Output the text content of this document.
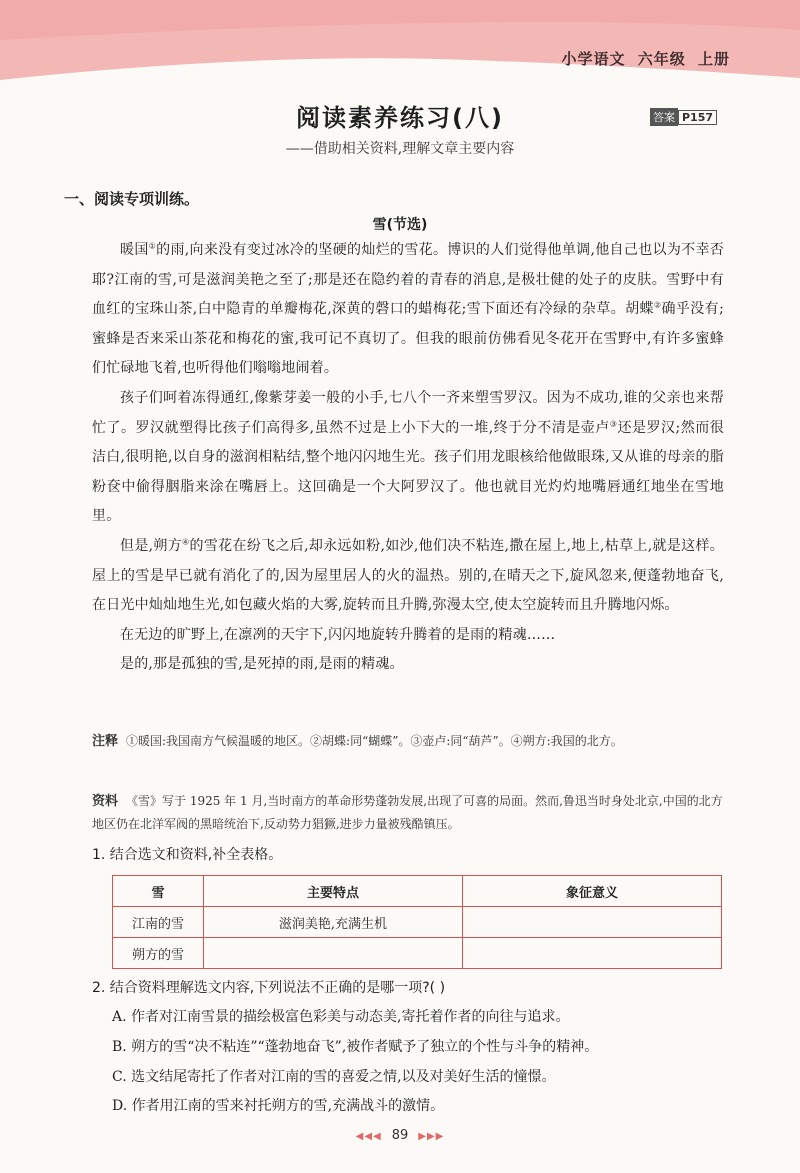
小学语文 六年级 上册
阅读素养练习(八)	答案 P157
——借助相关资料,理解文章主要内容
一、阅读专项训练。
雪(节选)

暖国①的雨,向来没有变过冰冷的坚硬的灿烂的雪花。博识的人们觉得他单调,他自己也以为不幸否耶?江南的雪,可是滋润美艳之至了;那是还在隐约着的青春的消息,是极壮健的处子的皮肤。雪野中有血红的宝珠山茶,白中隐青的单瓣梅花,深黄的磬口的蜡梅花;雪下面还有冷绿的杂草。胡蝶②确乎没有;蜜蜂是否来采山茶花和梅花的蜜,我可记不真切了。但我的眼前仿佛看见冬花开在雪野中,有许多蜜蜂们忙碌地飞着,也听得他们嗡嗡地闹着。

孩子们呵着冻得通红,像紫芽姜一般的小手,七八个一齐来塑雪罗汉。因为不成功,谁的父亲也来帮忙了。罗汉就塑得比孩子们高得多,虽然不过是上小下大的一堆,终于分不清是壶卢③还是罗汉;然而很洁白,很明艳,以自身的滋润相粘结,整个地闪闪地生光。孩子们用龙眼核给他做眼珠,又从谁的母亲的脂粉奁中偷得胭脂来涂在嘴唇上。这回确是一个大阿罗汉了。他也就目光灼灼地嘴唇通红地坐在雪地里。

但是,朔方④的雪花在纷飞之后,却永远如粉,如沙,他们决不粘连,撒在屋上,地上,枯草上,就是这样。屋上的雪是早已就有消化了的,因为屋里居人的火的温热。别的,在晴天之下,旋风忽来,便蓬勃地奋飞,在日光中灿灿地生光,如包藏火焰的大雾,旋转而且升腾,弥漫太空,使太空旋转而且升腾地闪烁。

在无边的旷野上,在凛冽的天宇下,闪闪地旋转升腾着的是雨的精魂……

是的,那是孤独的雪,是死掉的雨,是雨的精魂。

注释 ①暖国:我国南方气候温暖的地区。②胡蝶:同“蝴蝶”。③壶卢:同“葫芦”。④朔方:我国的北方。
资料 《雪》写于 1925 年 1 月,当时南方的革命形势蓬勃发展,出现了可喜的局面。然而,鲁迅当时身处北京,中国的北方地区仍在北洋军阀的黑暗统治下,反动势力猖獗,进步力量被残酷镇压。
1. 结合选文和资料,补全表格。
雪	主要特点	象征意义
江南的雪	滋润美艳,充满生机	
朔方的雪		
2. 结合资料理解选文内容,下列说法不正确的是哪一项?( )
A. 作者对江南雪景的描绘极富色彩美与动态美,寄托着作者的向往与追求。
B. 朔方的雪“决不粘连”“蓬勃地奋飞”,被作者赋予了独立的个性与斗争的精神。
C. 选文结尾寄托了作者对江南的雪的喜爱之情,以及对美好生活的憧憬。
D. 作者用江南的雪来衬托朔方的雪,充满战斗的激情。
◀◀◀ 89 ▶▶▶
